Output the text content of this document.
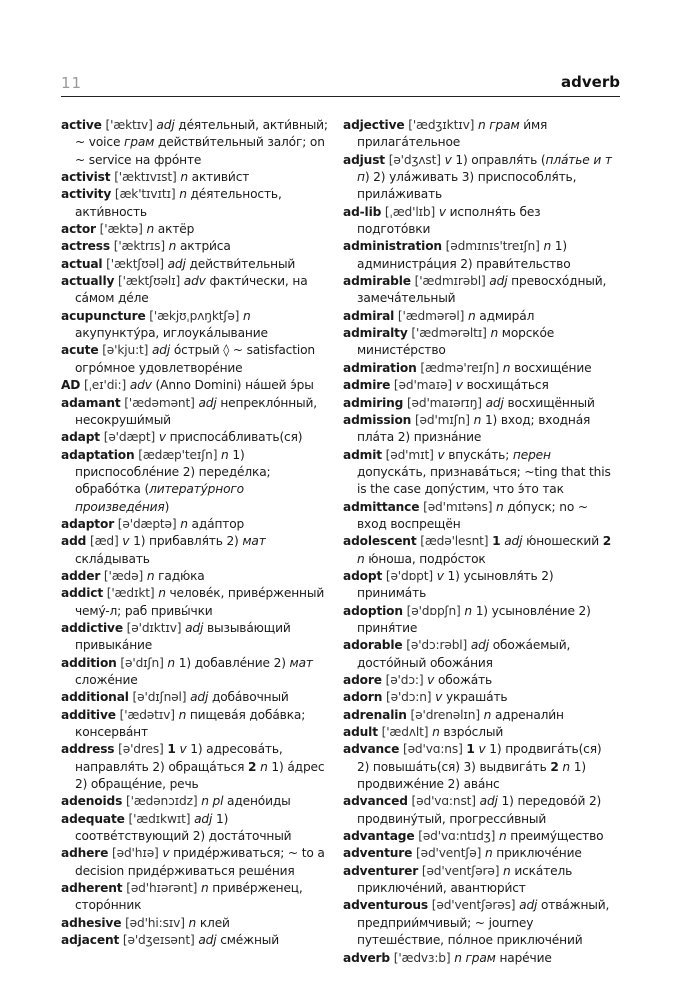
11	adverb

active ['æktɪv] adj дéятельный, акти́вный; ~ voice грам действи́тельный залóг; on ~ service на фрóнте

activist ['æktɪvɪst] n активи́ст

activity [æk'tɪvɪtɪ] n дéятельность, акти́вность

actor ['æktə] n актёр

actress ['æktrɪs] n актри́са

actual ['æktʃʊəl] adj действи́тельный

actually ['æktʃʊəlɪ] adv факти́чески, на сáмом дéле

acupuncture ['ækjʊˌpʌŋktʃə] n акупункту́ра, иглоукáлывание

acute [ə'kju:t] adj óстрый ◊ ~ satisfaction огрóмное удовлетворéние

AD [ˌeɪ'di:] adv (Anno Domini) нáшей э́ры

adamant ['ædəmənt] adj непреклóнный, несокруши́мый

adapt [ə'dæpt] v приспосáбливать(ся)

adaptation [ædæp'teɪʃn] n 1) приспособлéние 2) передéлка; обрабóтка (литерату́рного произведéния)

adaptor [ə'dæptə] n адáптор

add [æd] v 1) прибавля́ть 2) мат склáдывать

adder ['ædə] n гадю́ка

addict ['ædɪkt] n человéк, привéрженный чемý-л; раб привы́чки

addictive [ə'dɪktɪv] adj вызывáющий привыкáние

addition [ə'dɪʃn] n 1) добавлéние 2) мат сложéние

additional [ə'dɪʃnəl] adj добáвочный

additive ['ædətɪv] n пищевáя добáвка; консервáнт

address [ə'dres] 1 v 1) адресовáть, направля́ть 2) обращáться 2 n 1) áдрес 2) обращéние, речь

adenoids ['ædənɔɪdz] n pl адено́иды

adequate ['ædɪkwɪt] adj 1) соотвéтствующий 2) достáточный

adhere [əd'hɪə] v придéрживаться; ~ to a decision придéрживаться решéния

adherent [əd'hɪərənt] n привéрженец, сторóнник

adhesive [əd'hi:sɪv] n клей

adjacent [ə'dʒeɪsənt] adj смéжный

adjective ['ædʒɪktɪv] n грам и́мя прилагáтельное

adjust [ə'dʒʌst] v 1) оправля́ть (плáтье и т п) 2) улáживать 3) приспособля́ть, прилáживать

ad-lib [ˌæd'lɪb] v исполня́ть без подготóвки

administration [ədmɪnɪs'treɪʃn] n 1) администрáция 2) прави́тельство

admirable ['ædmɪrəbl] adj превосхóдный, замечáтельный

admiral ['ædmərəl] n адмирáл

admiralty ['ædmərəltɪ] n морскóе министéрство

admiration [ædmə'reɪʃn] n восхищéние

admire [əd'maɪə] v восхищáться

admiring [əd'maɪərɪŋ] adj восхищённый

admission [əd'mɪʃn] n 1) вход; входнáя плáта 2) признáние

admit [əd'mɪt] v впускáть; перен допускáть, признавáться; ~ting that this is the case допу́стим, что э́то так

admittance [əd'mɪtəns] n дóпуск; no ~ вход воспрещён

adolescent [ædə'lesnt] 1 adj ю́ношеский 2 n ю́ноша, подрóсток

adopt [ə'dɒpt] v 1) усыновля́ть 2) принимáть

adoption [ə'dɒpʃn] n 1) усыновлéние 2) приня́тие

adorable [ə'dɔ:rəbl] adj обожáемый, достóйный обожáния

adore [ə'dɔ:] v обожáть

adorn [ə'dɔ:n] v украшáть

adrenalin [ə'drenəlɪn] n адренали́н

adult ['ædʌlt] n взрóслый

advance [əd'vɑ:ns] 1 v 1) продвигáть(ся) 2) повышáть(ся) 3) выдвигáть 2 n 1) продвижéние 2) авáнс

advanced [əd'vɑ:nst] adj 1) передовóй 2) продвину́тый, прогресси́вный

advantage [əd'vɑ:ntɪdʒ] n преиму́щество

adventure [əd'ventʃə] n приключéние

adventurer [əd'ventʃərə] n искáтель приключéний, авантюри́ст

adventurous [əd'ventʃərəs] adj отвáжный, предприи́мчивый; ~ journey путешéствие, пóлное приключéний

adverb ['ædvɜ:b] n грам нарéчие
